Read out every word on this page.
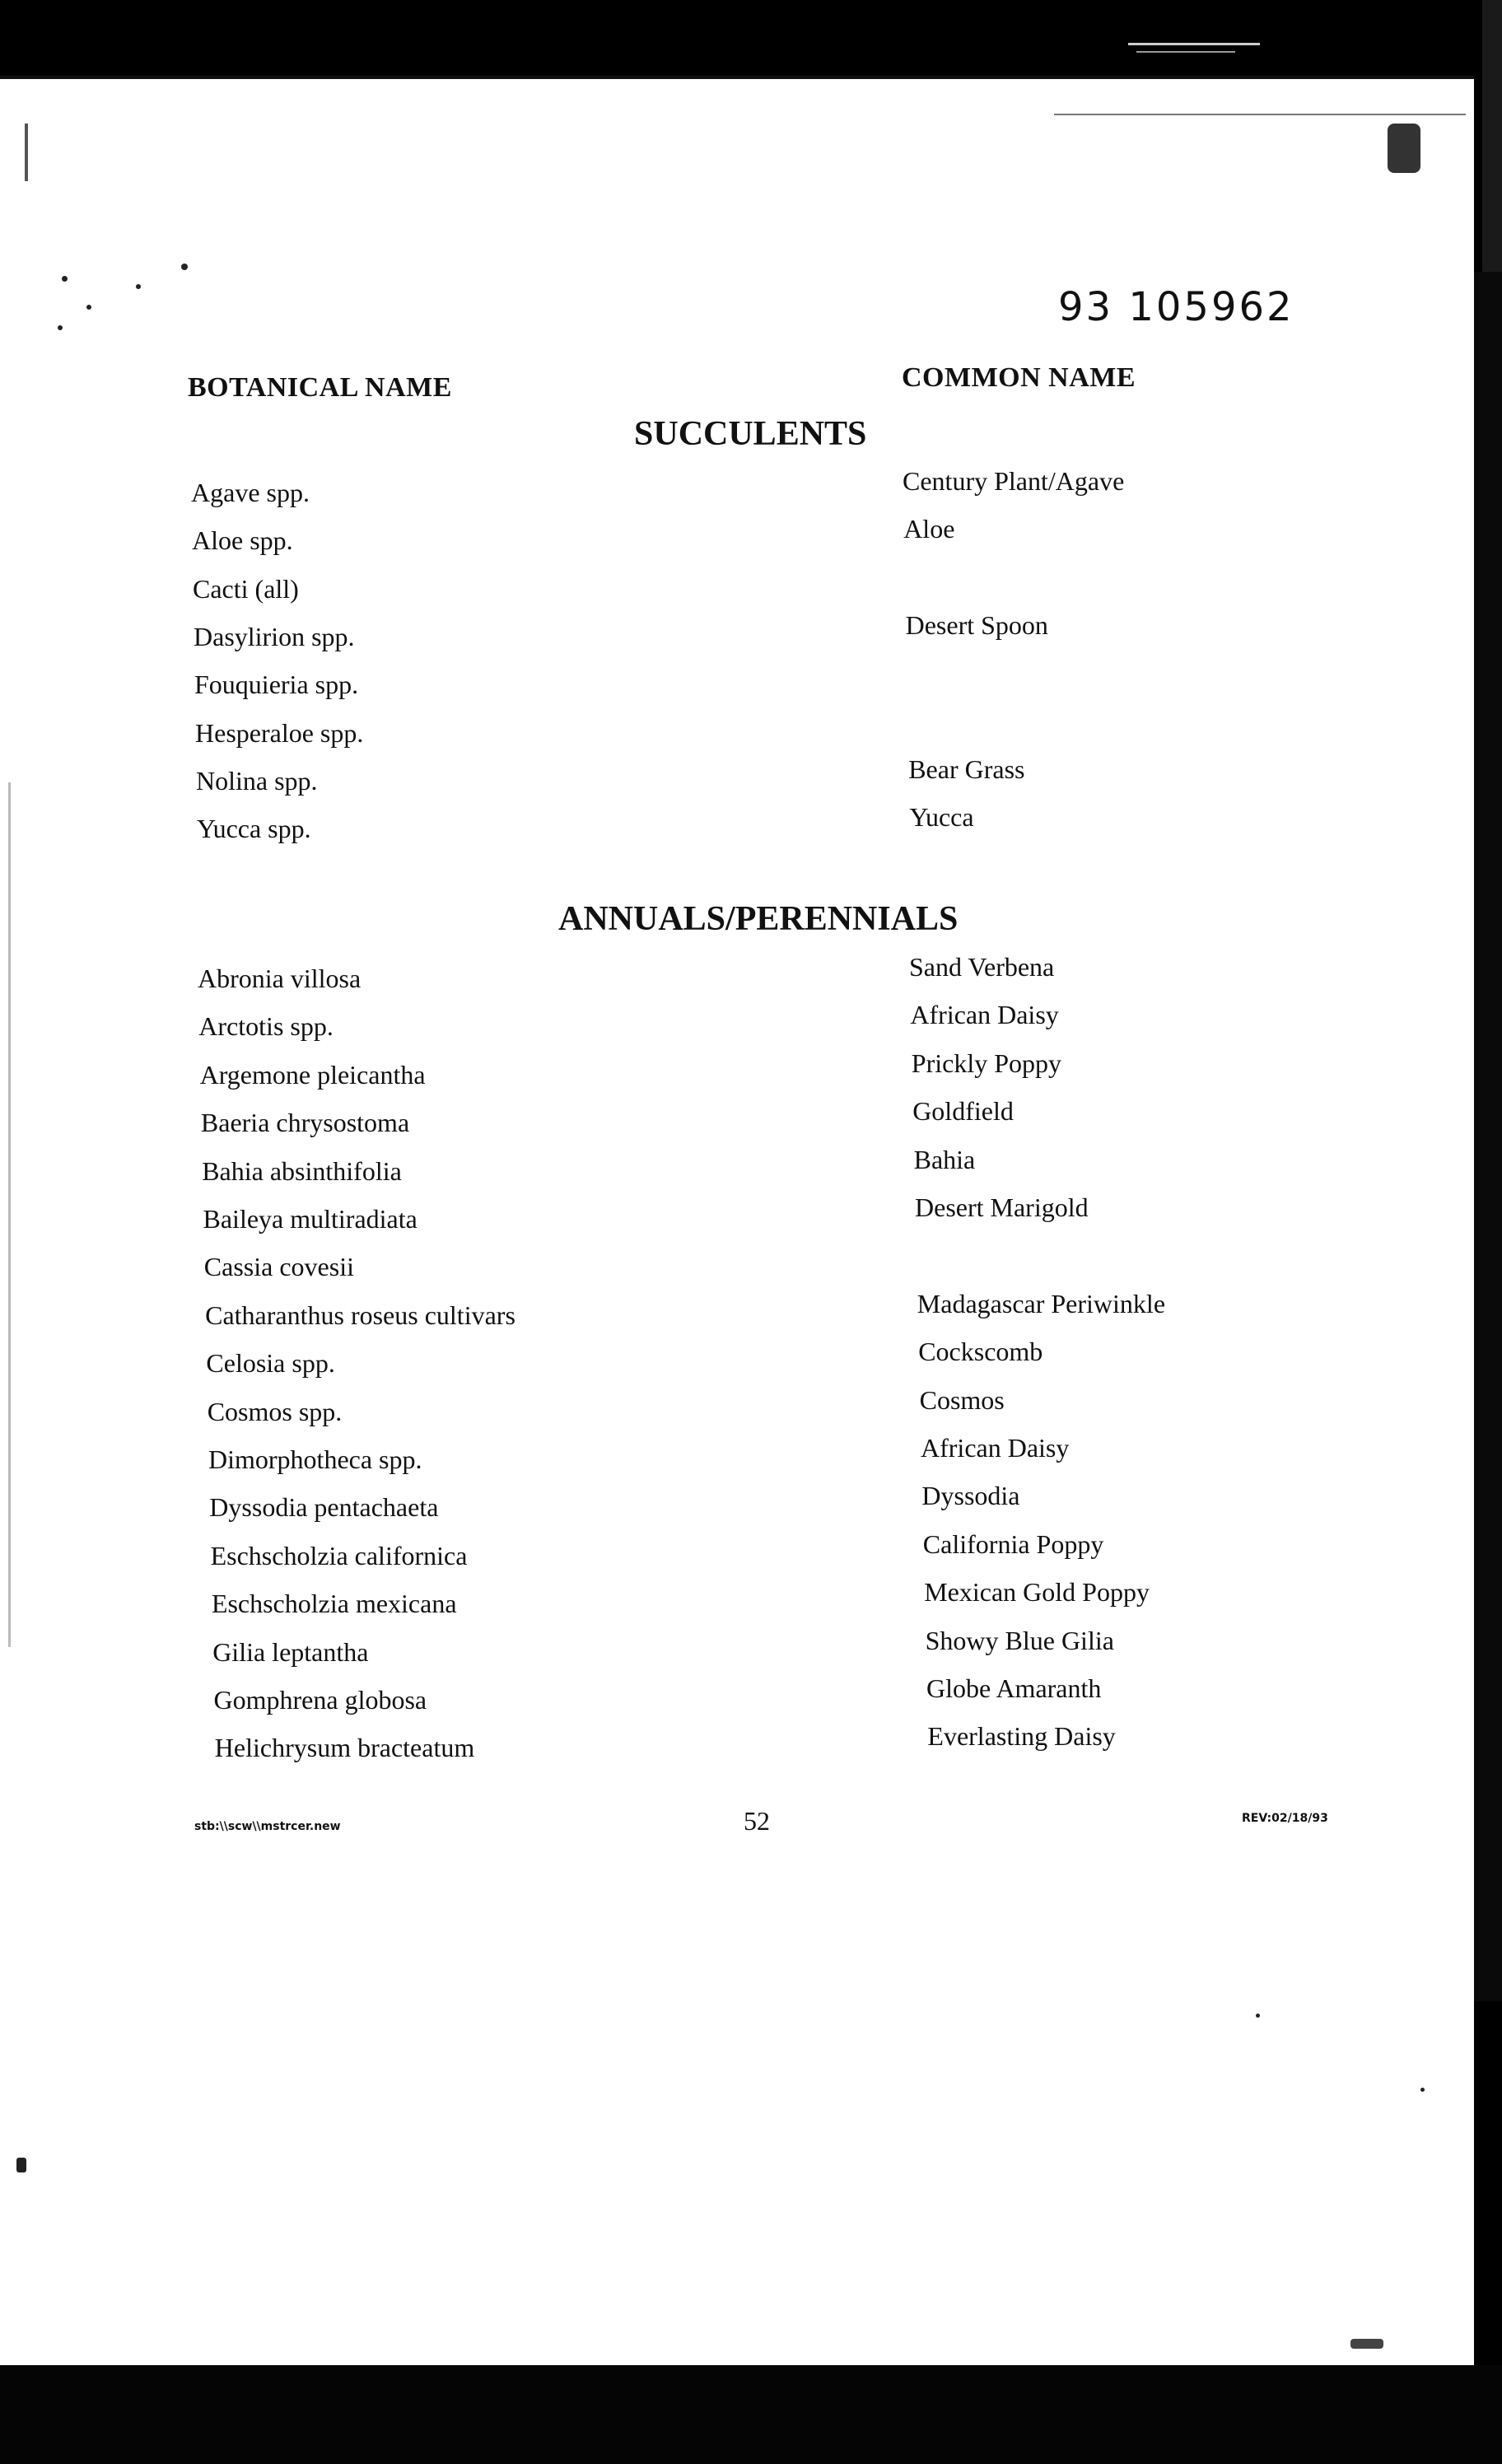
93 105962
BOTANICAL NAME	COMMON NAME
SUCCULENTS
Agave spp.	Century Plant/Agave
Aloe spp.	Aloe
Cacti (all)
Dasylirion spp.	Desert Spoon
Fouquieria spp.
Hesperaloe spp.
Nolina spp.	Bear Grass
Yucca spp.	Yucca
ANNUALS/PERENNIALS
Abronia villosa	Sand Verbena
Arctotis spp.	African Daisy
Argemone pleicantha	Prickly Poppy
Baeria chrysostoma	Goldfield
Bahia absinthifolia	Bahia
Baileya multiradiata	Desert Marigold
Cassia covesii
Catharanthus roseus cultivars	Madagascar Periwinkle
Celosia spp.	Cockscomb
Cosmos spp.	Cosmos
Dimorphotheca spp.	African Daisy
Dyssodia pentachaeta	Dyssodia
Eschscholzia californica	California Poppy
Eschscholzia mexicana	Mexican Gold Poppy
Gilia leptantha	Showy Blue Gilia
Gomphrena globosa	Globe Amaranth
Helichrysum bracteatum	Everlasting Daisy
stb:\\scw\\mstrcer.new	52	REV:02/18/93
